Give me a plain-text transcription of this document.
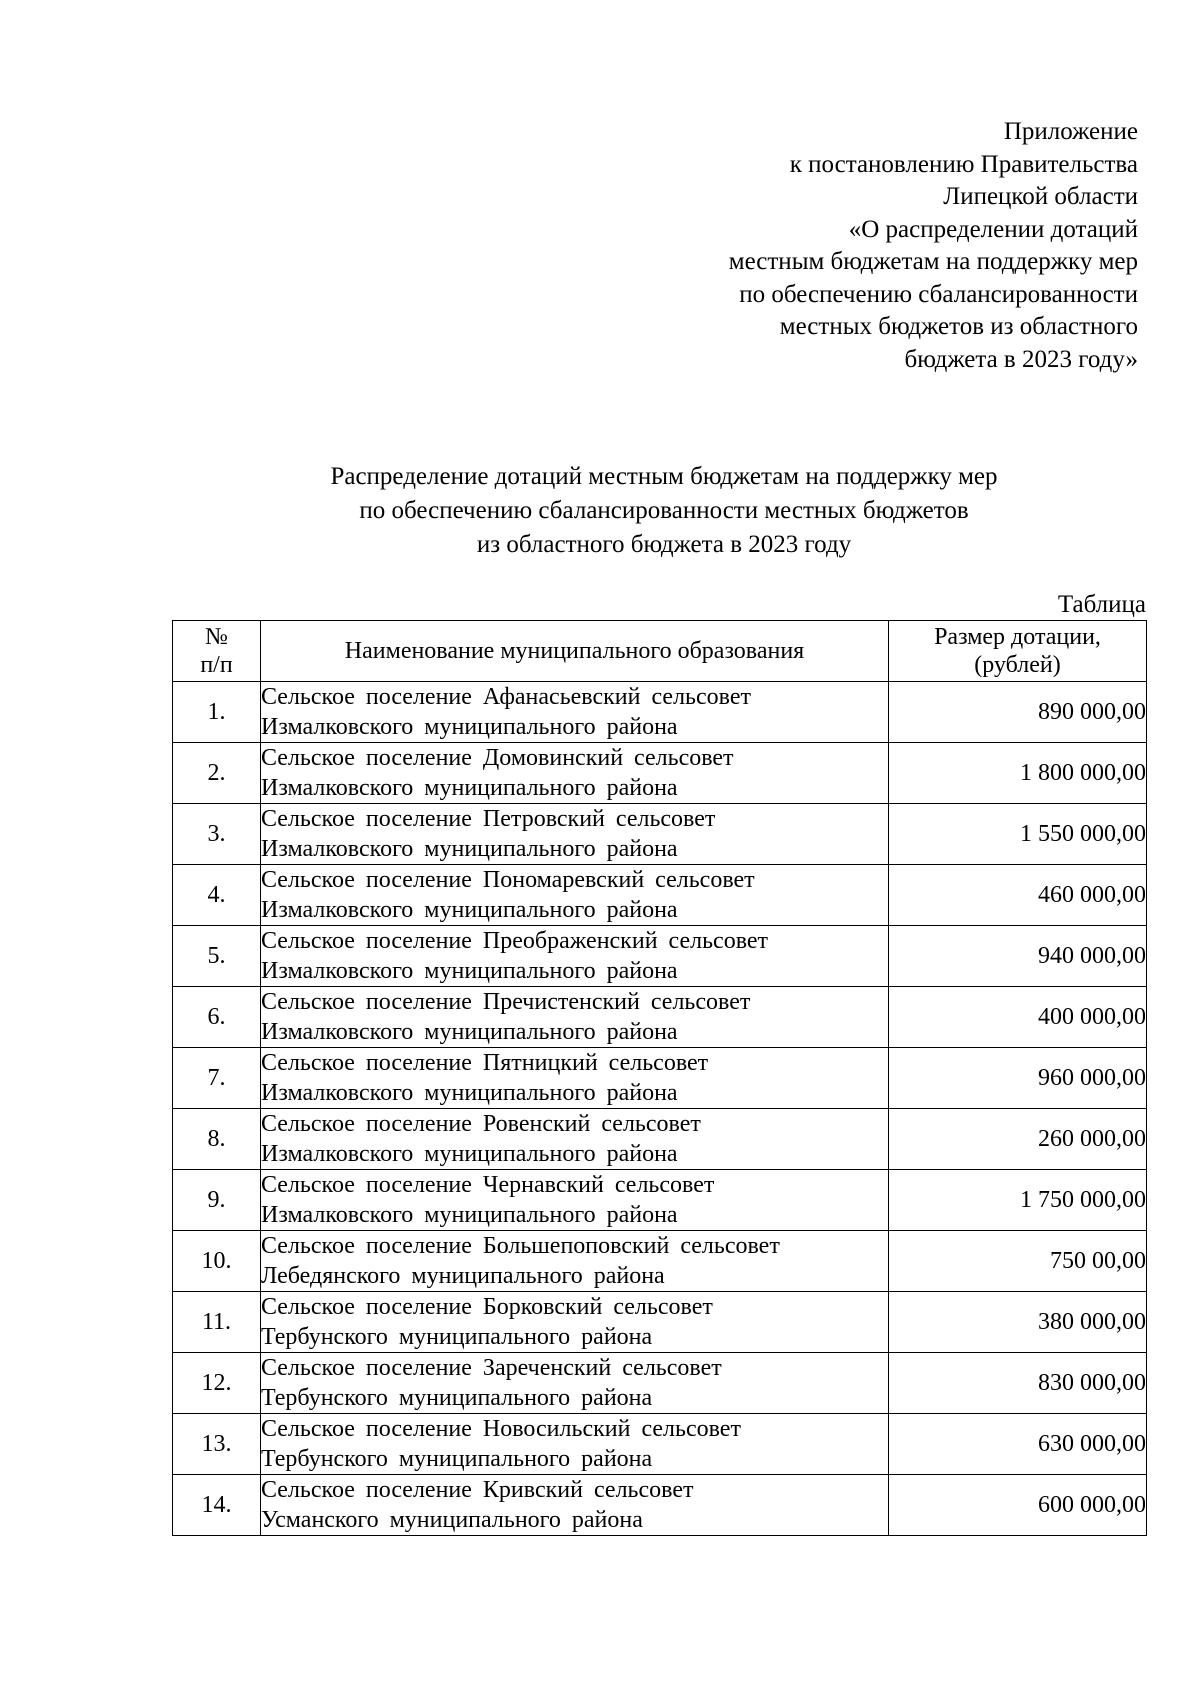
Приложение
к постановлению Правительства
Липецкой области
«О распределении дотаций
местным бюджетам на поддержку мер
по обеспечению сбалансированности
местных бюджетов из областного
бюджета в 2023 году»
Распределение дотаций местным бюджетам на поддержку мер
по обеспечению сбалансированности местных бюджетов
из областного бюджета в 2023 году
Таблица
№
п/п	Наименование муниципального образования	Размер дотации,
(рублей)
1.	Сельское поселение Афанасьевский сельсовет
Измалковского муниципального района	890 000,00
2.	Сельское поселение Домовинский сельсовет
Измалковского муниципального района	1 800 000,00
3.	Сельское поселение Петровский сельсовет
Измалковского муниципального района	1 550 000,00
4.	Сельское поселение Пономаревский сельсовет
Измалковского муниципального района	460 000,00
5.	Сельское поселение Преображенский сельсовет
Измалковского муниципального района	940 000,00
6.	Сельское поселение Пречистенский сельсовет
Измалковского муниципального района	400 000,00
7.	Сельское поселение Пятницкий сельсовет
Измалковского муниципального района	960 000,00
8.	Сельское поселение Ровенский сельсовет
Измалковского муниципального района	260 000,00
9.	Сельское поселение Чернавский сельсовет
Измалковского муниципального района	1 750 000,00
10.	Сельское поселение Большепоповский сельсовет
Лебедянского муниципального района	750 00,00
11.	Сельское поселение Борковский сельсовет
Тербунского муниципального района	380 000,00
12.	Сельское поселение Зареченский сельсовет
Тербунского муниципального района	830 000,00
13.	Сельское поселение Новосильский сельсовет
Тербунского муниципального района	630 000,00
14.	Сельское поселение Кривский сельсовет
Усманского муниципального района	600 000,00
